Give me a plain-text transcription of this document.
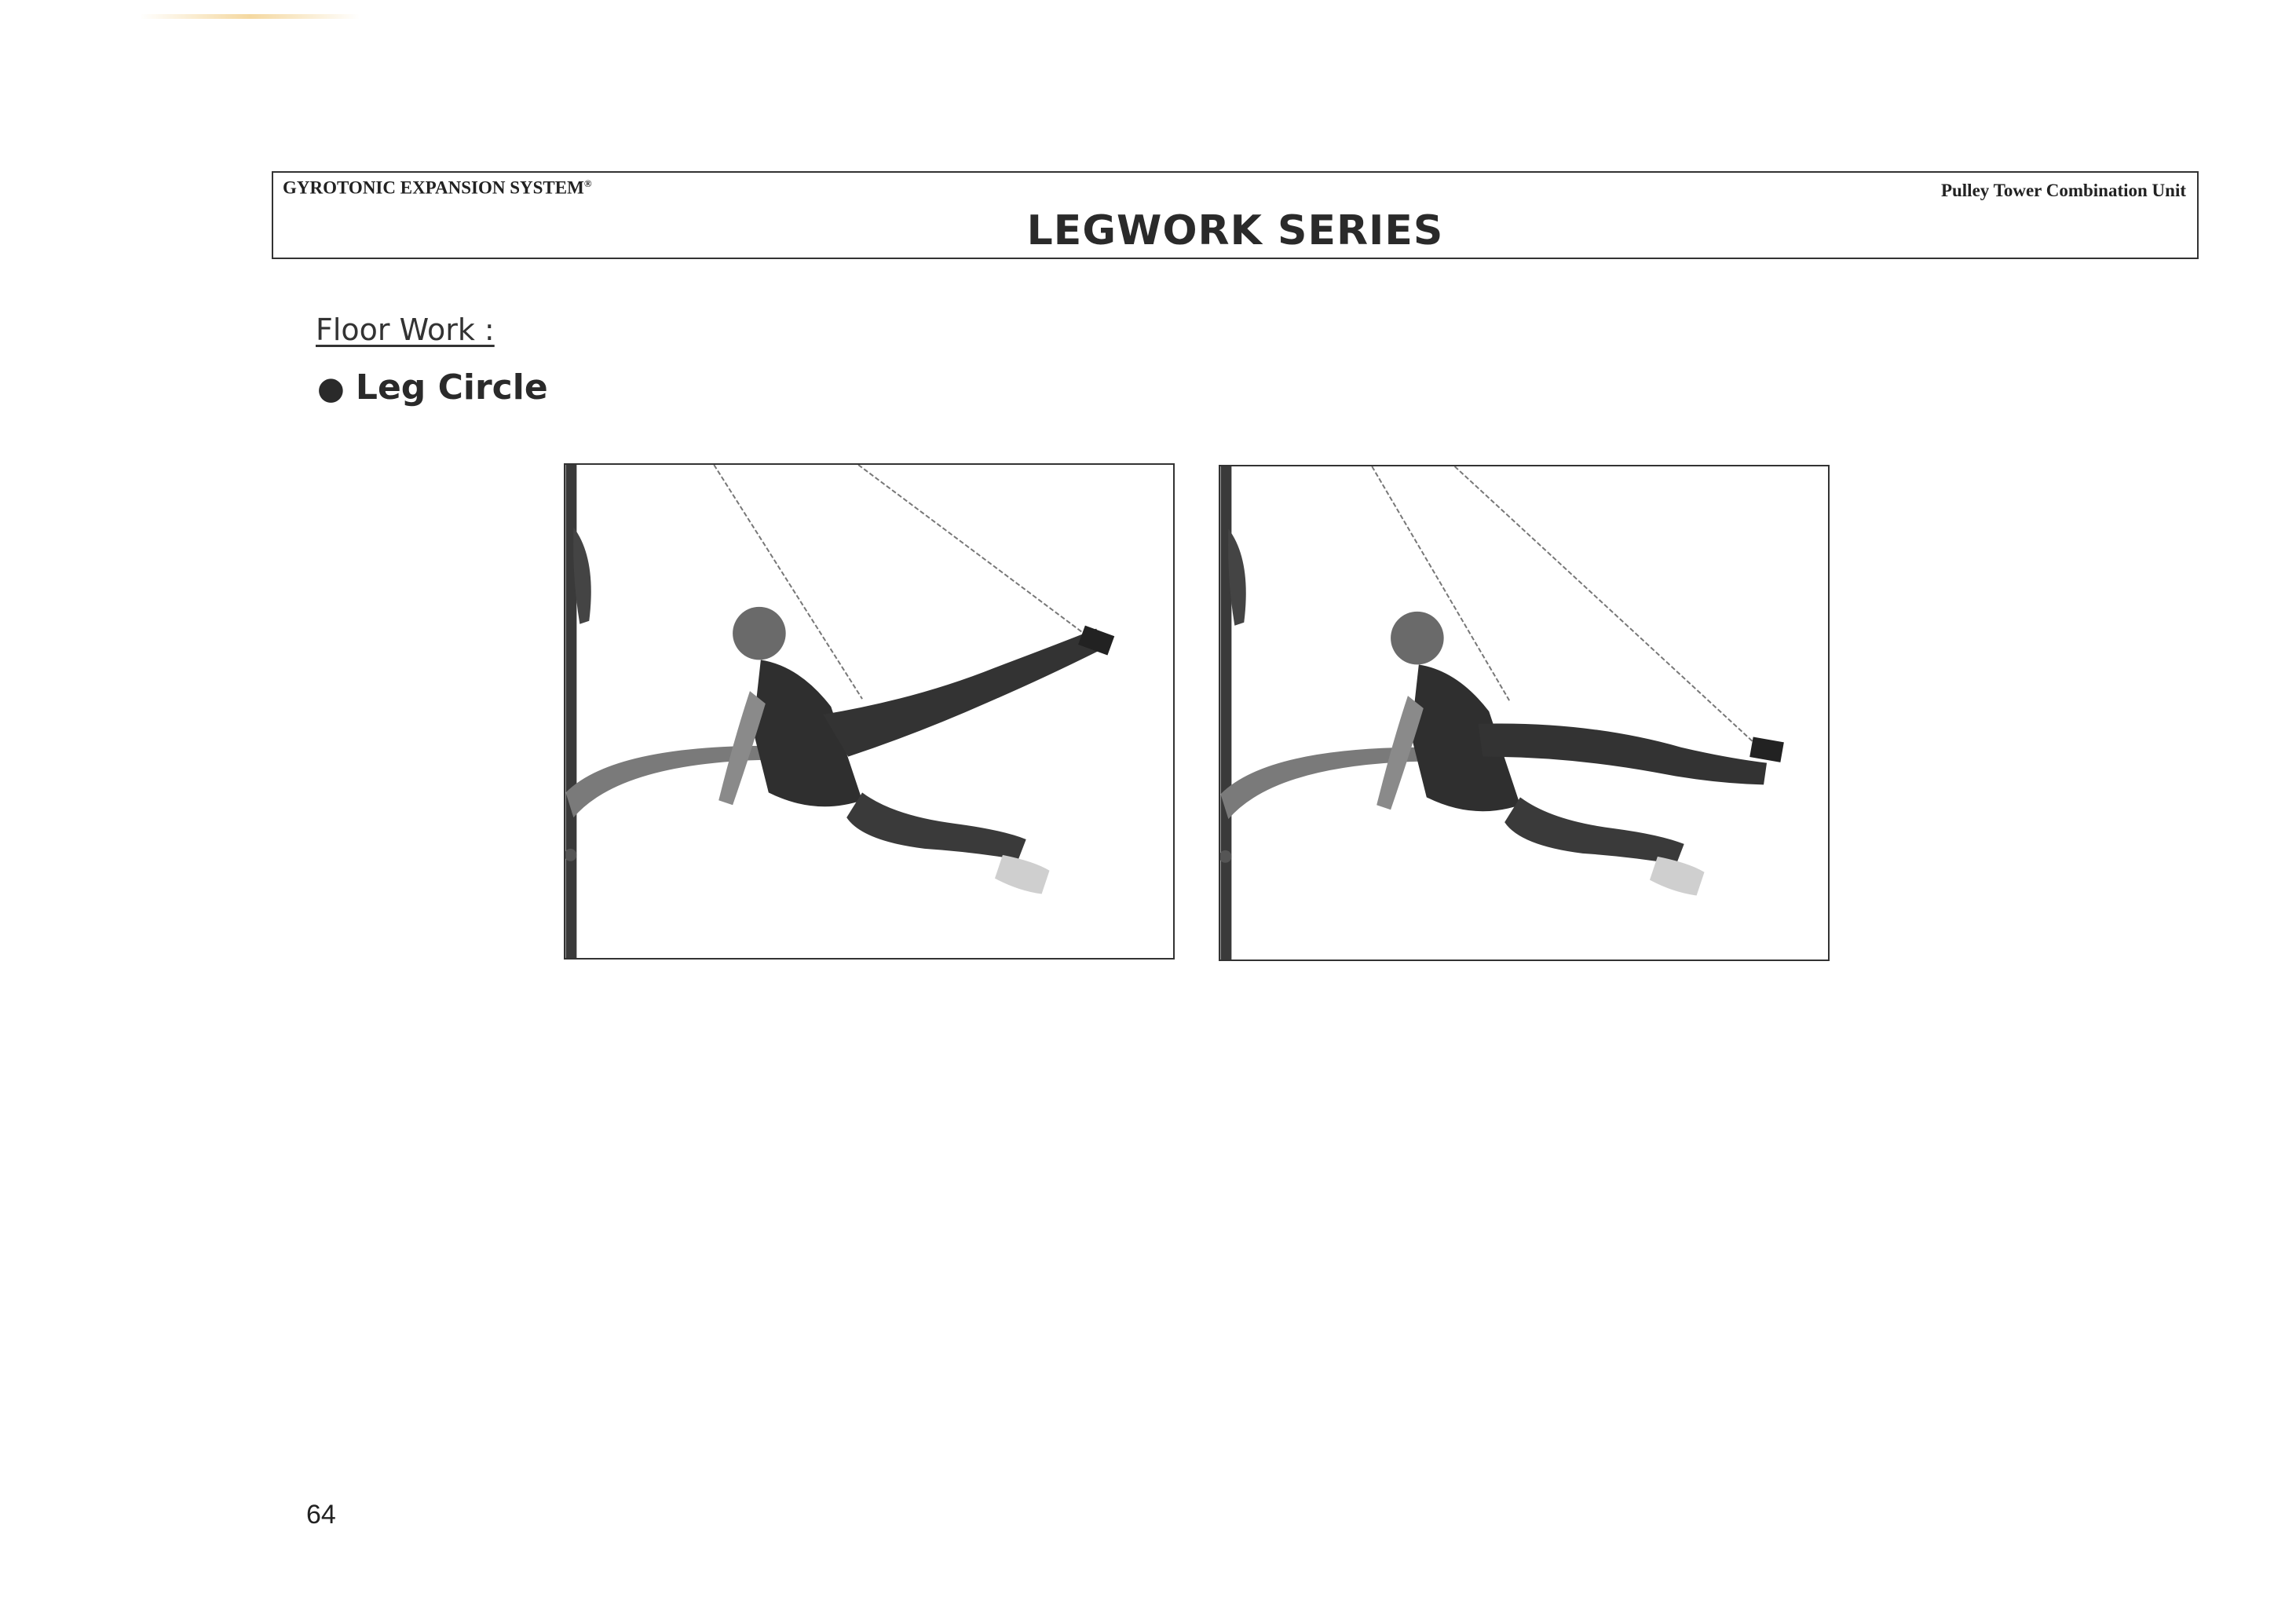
GYROTONIC EXPANSION SYSTEM®	Pulley Tower Combination Unit
LEGWORK SERIES
Floor Work :
● Leg Circle
64
